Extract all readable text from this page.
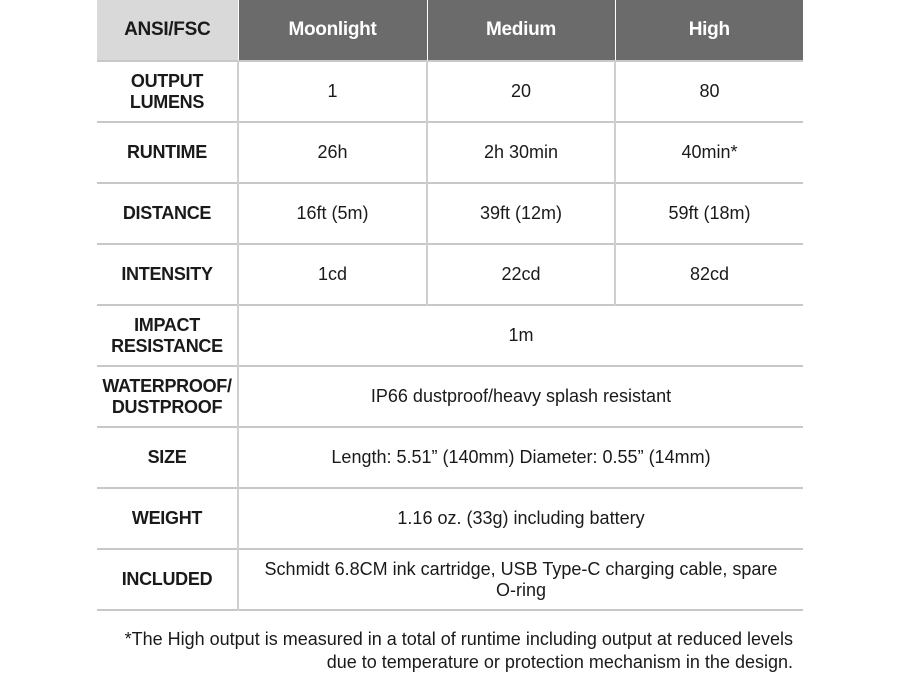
ANSI/FSC	Moonlight	Medium	High
OUTPUT LUMENS	1	20	80
RUNTIME	26h	2h 30min	40min*
DISTANCE	16ft (5m)	39ft (12m)	59ft (18m)
INTENSITY	1cd	22cd	82cd
IMPACT RESISTANCE	1m		
WATERPROOF/ DUSTPROOF	IP66 dustproof/heavy splash resistant		
SIZE	Length: 5.51” (140mm) Diameter: 0.55” (14mm)		
WEIGHT	1.16 oz. (33g) including battery		
INCLUDED	Schmidt 6.8CM ink cartridge, USB Type-C charging cable, spare O-ring		
*The High output is measured in a total of runtime including output at reduced levels due to temperature or protection mechanism in the design.
